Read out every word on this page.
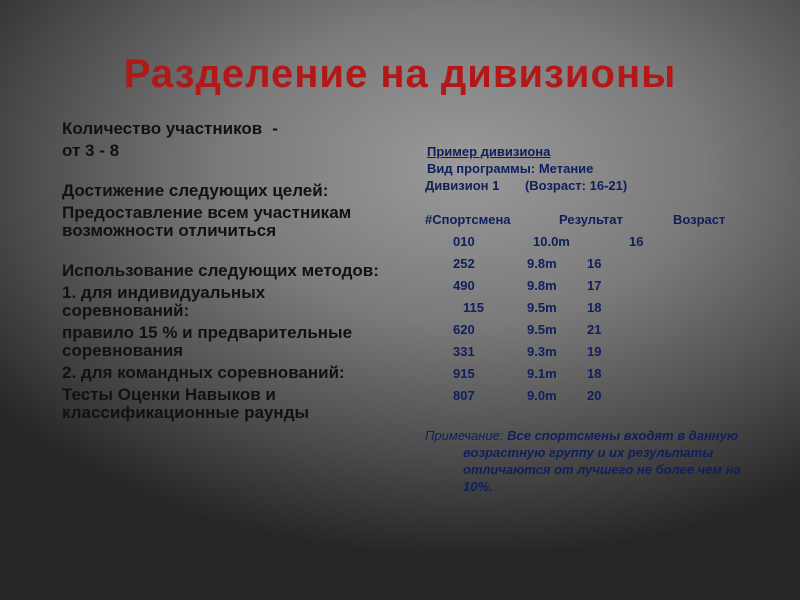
Разделение на дивизионы

Количество участников -

от 3 - 8

Достижение следующих целей:

Предоставление всем участникам возможности отличиться

Использование следующих методов:

1. для индивидуальных соревнований:

правило 15 % и предварительные соревнования

2. для командных соревнований:

Тесты Оценки Навыков и классификационные раунды

Пример дивизиона
Вид программы: Метание
Дивизион 1 (Возраст: 16-21)
#Спортсмена	Результат	Возраст
010	10.0m	16
252	9.8m 16
490	9.8m 17
115	9.5m 18
620	9.5m 21
331	9.3m 19
915	9.1m 18
807	9.0m 20
Примечание: Все спортсмены входят в данную возрастную группу и их результаты отличаются от лучшего не более чем на 10%.
